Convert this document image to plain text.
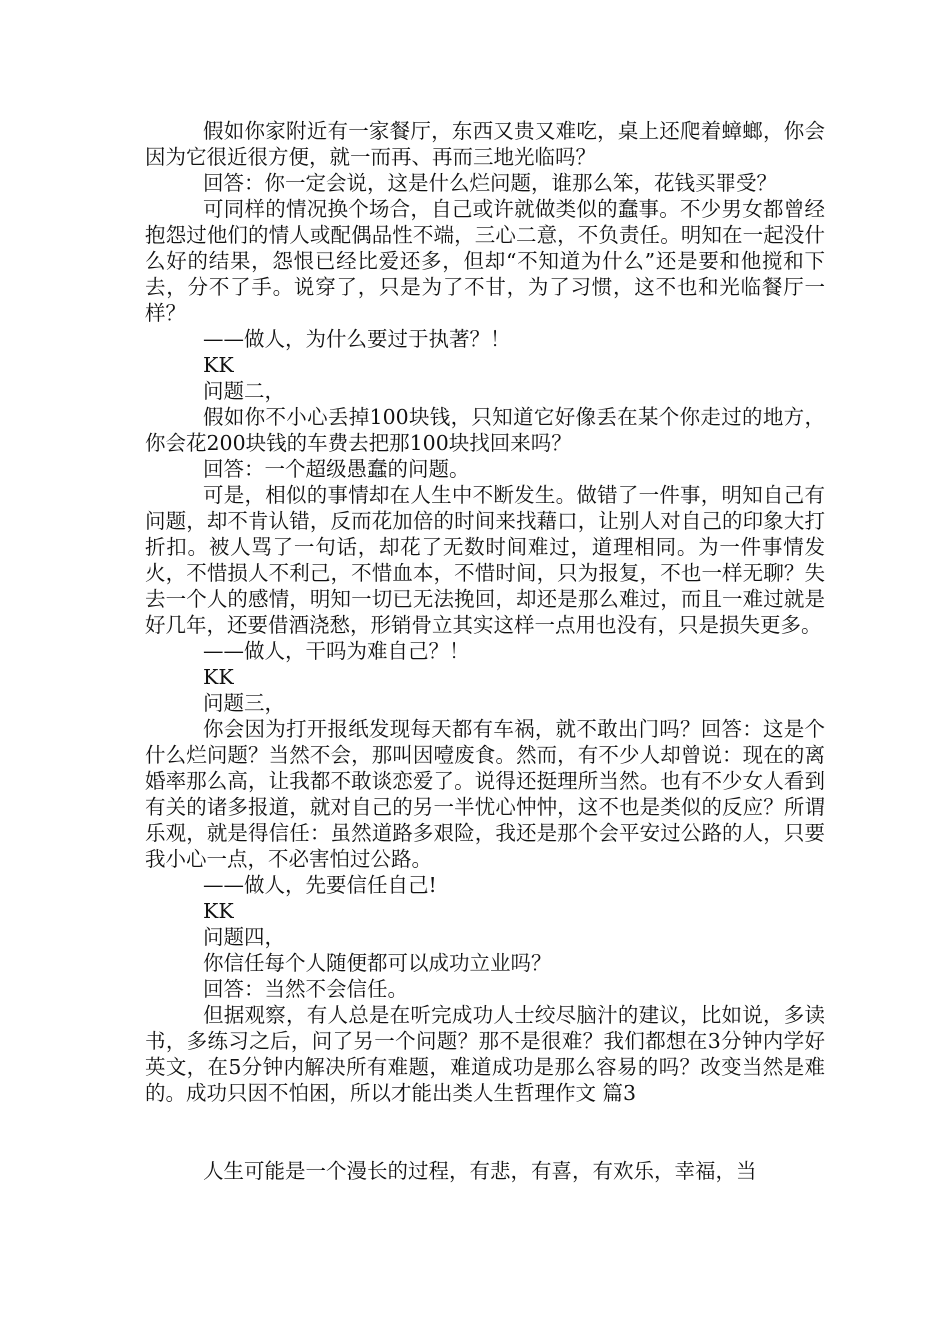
假如你家附近有一家餐厅，东西又贵又难吃，桌上还爬着蟑螂，你会因为它很近很方便，就一而再、再而三地光临吗？

回答：你一定会说，这是什么烂问题，谁那么笨，花钱买罪受？

可同样的情况换个场合，自己或许就做类似的蠢事。不少男女都曾经抱怨过他们的情人或配偶品性不端，三心二意，不负责任。明知在一起没什么好的结果，怨恨已经比爱还多，但却“不知道为什么”还是要和他搅和下去，分不了手。说穿了，只是为了不甘，为了习惯，这不也和光临餐厅一样？

——做人，为什么要过于执著？！

KK

问题二，

假如你不小心丢掉100块钱，只知道它好像丢在某个你走过的地方，你会花200块钱的车费去把那100块找回来吗？

回答：一个超级愚蠢的问题。

可是，相似的事情却在人生中不断发生。做错了一件事，明知自己有问题，却不肯认错，反而花加倍的时间来找藉口，让别人对自己的印象大打折扣。被人骂了一句话，却花了无数时间难过，道理相同。为一件事情发火，不惜损人不利己，不惜血本，不惜时间，只为报复，不也一样无聊？失去一个人的感情，明知一切已无法挽回，却还是那么难过，而且一难过就是好几年，还要借酒浇愁，形销骨立其实这样一点用也没有，只是损失更多。

——做人，干吗为难自己？！

KK

问题三，

你会因为打开报纸发现每天都有车祸，就不敢出门吗？回答：这是个什么烂问题？当然不会，那叫因噎废食。然而，有不少人却曾说：现在的离婚率那么高，让我都不敢谈恋爱了。说得还挺理所当然。也有不少女人看到有关的诸多报道，就对自己的另一半忧心忡忡，这不也是类似的反应？所谓乐观，就是得信任：虽然道路多艰险，我还是那个会平安过公路的人，只要我小心一点，不必害怕过公路。

——做人，先要信任自己!

KK

问题四，

你信任每个人随便都可以成功立业吗？

回答：当然不会信任。

但据观察，有人总是在听完成功人士绞尽脑汁的建议，比如说，多读书，多练习之后，问了另一个问题？那不是很难？我们都想在3分钟内学好英文，在5分钟内解决所有难题，难道成功是那么容易的吗？改变当然是难的。成功只因不怕困，所以才能出类人生哲理作文 篇3

人生可能是一个漫长的过程，有悲，有喜，有欢乐，幸福，当
